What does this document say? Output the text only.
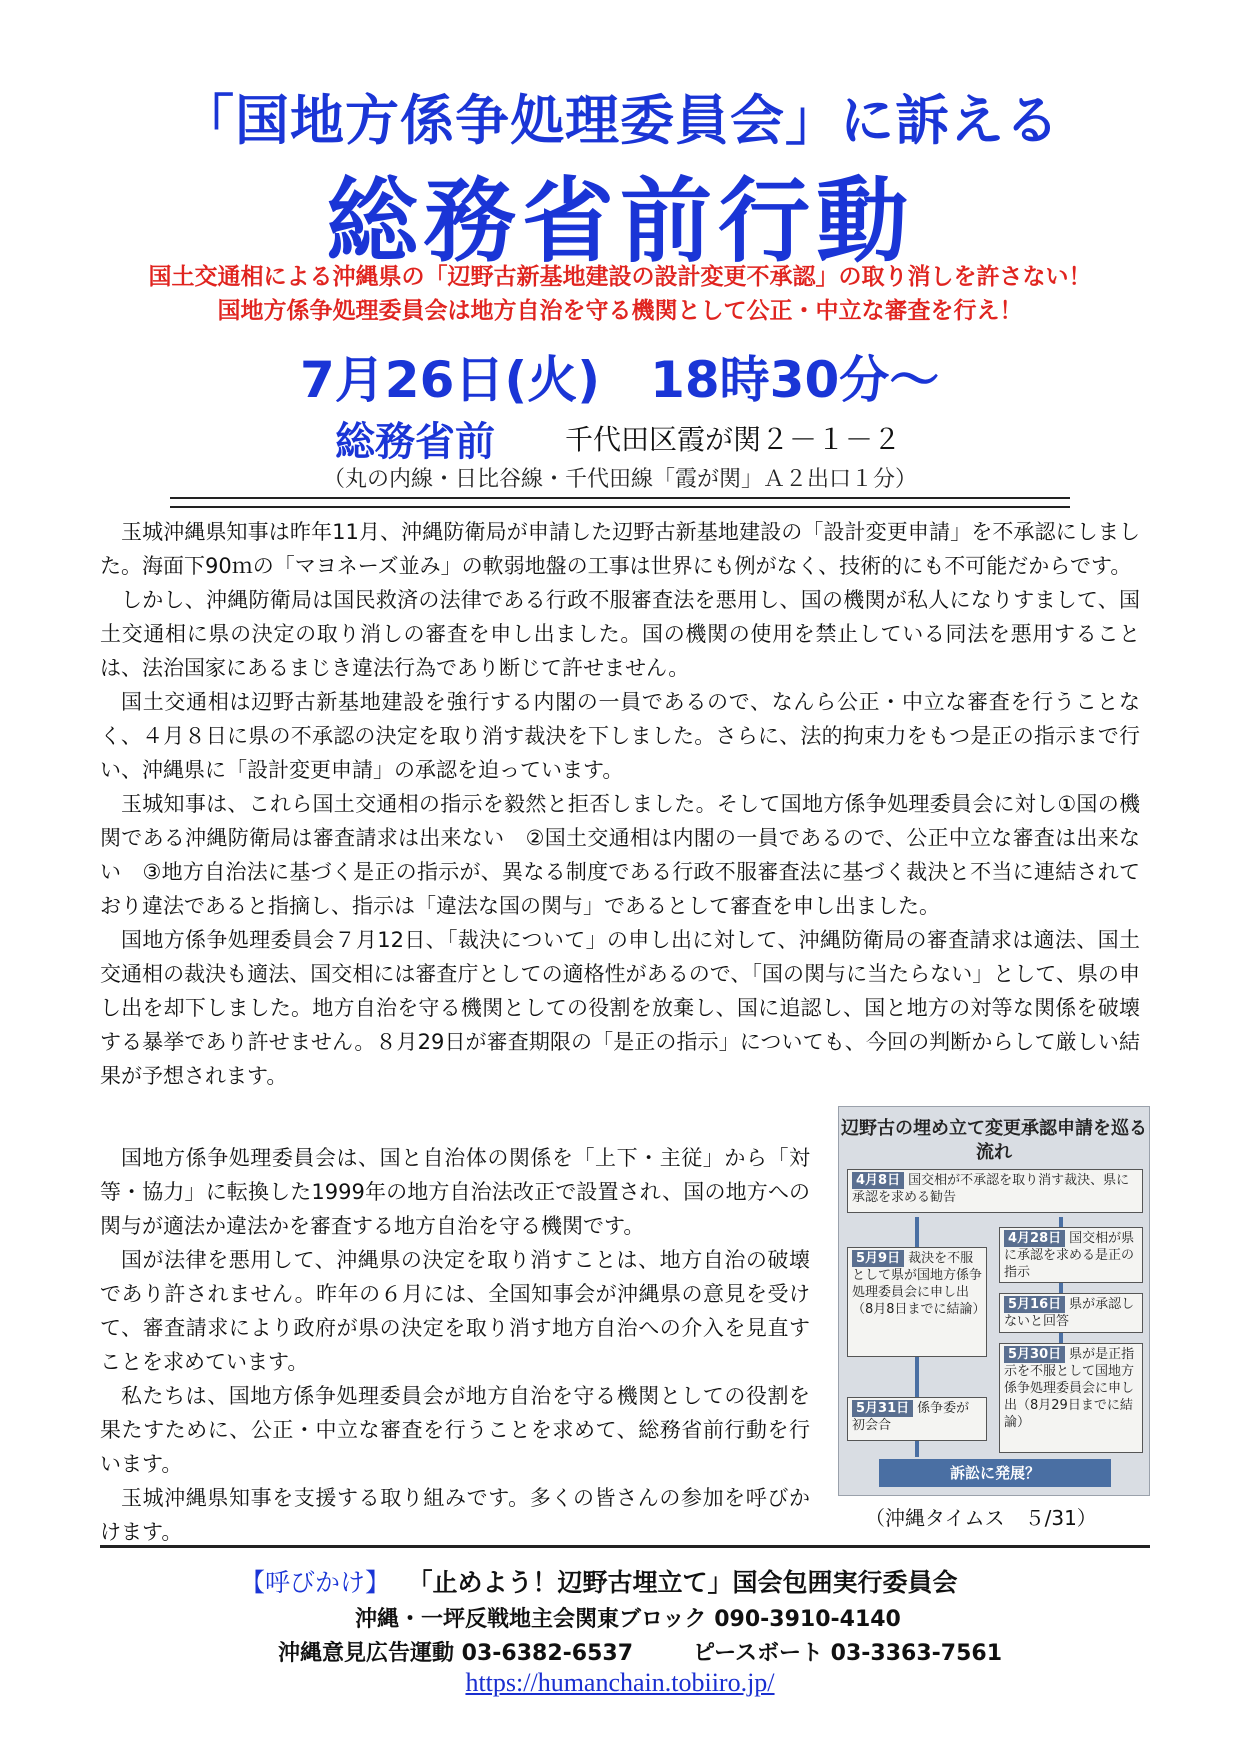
「国地方係争処理委員会」に訴える
総務省前行動
国土交通相による沖縄県の「辺野古新基地建設の設計変更不承認」の取り消しを許さない！
国地方係争処理委員会は地方自治を守る機関として公正・中立な審査を行え！
7月26日(火)　18時30分～
総務省前	千代田区霞が関２－１－２
（丸の内線・日比谷線・千代田線「霞が関」Ａ２出口１分）

玉城沖縄県知事は昨年11月、沖縄防衛局が申請した辺野古新基地建設の「設計変更申請」を不承認にしました。海面下90ｍの「マヨネーズ並み」の軟弱地盤の工事は世界にも例がなく、技術的にも不可能だからです。

しかし、沖縄防衛局は国民救済の法律である行政不服審査法を悪用し、国の機関が私人になりすまして、国土交通相に県の決定の取り消しの審査を申し出ました。国の機関の使用を禁止している同法を悪用することは、法治国家にあるまじき違法行為であり断じて許せません。

国土交通相は辺野古新基地建設を強行する内閣の一員であるので、なんら公正・中立な審査を行うことなく、４月８日に県の不承認の決定を取り消す裁決を下しました。さらに、法的拘束力をもつ是正の指示まで行い、沖縄県に「設計変更申請」の承認を迫っています。

玉城知事は、これら国土交通相の指示を毅然と拒否しました。そして国地方係争処理委員会に対し①国の機関である沖縄防衛局は審査請求は出来ない　②国土交通相は内閣の一員であるので、公正中立な審査は出来ない　③地方自治法に基づく是正の指示が、異なる制度である行政不服審査法に基づく裁決と不当に連結されており違法であると指摘し、指示は「違法な国の関与」であるとして審査を申し出ました。

国地方係争処理委員会７月12日、「裁決について」の申し出に対して、沖縄防衛局の審査請求は適法、国土交通相の裁決も適法、国交相には審査庁としての適格性があるので、「国の関与に当たらない」として、県の申し出を却下しました。地方自治を守る機関としての役割を放棄し、国に追認し、国と地方の対等な関係を破壊する暴挙であり許せません。８月29日が審査期限の「是正の指示」についても、今回の判断からして厳しい結果が予想されます。

国地方係争処理委員会は、国と自治体の関係を「上下・主従」から「対等・協力」に転換した1999年の地方自治法改正で設置され、国の地方への関与が適法か違法かを審査する地方自治を守る機関です。

国が法律を悪用して、沖縄県の決定を取り消すことは、地方自治の破壊であり許されません。昨年の６月には、全国知事会が沖縄県の意見を受けて、審査請求により政府が県の決定を取り消す地方自治への介入を見直すことを求めています。

私たちは、国地方係争処理委員会が地方自治を守る機関としての役割を果たすために、公正・中立な審査を行うことを求めて、総務省前行動を行います。

玉城沖縄県知事を支援する取り組みです。多くの皆さんの参加を呼びかけます。

辺野古の埋め立て変更承認申請を巡る流れ
4月8日 国交相が不承認を取り消す裁決、県に承認を求める勧告
4月28日 国交相が県に承認を求める是正の指示
5月9日 裁決を不服として県が国地方係争処理委員会に申し出（8月8日までに結論）	5月16日 県が承認しないと回答
5月30日 県が是正指示を不服として国地方係争処理委員会に申し出（8月29日までに結論）
5月31日 係争委が初会合
訴訟に発展？
（沖縄タイムス　５/31）
【呼びかけ】 「止めよう！辺野古埋立て」国会包囲実行委員会
沖縄・一坪反戦地主会関東ブロック 090-3910-4140
沖縄意見広告運動 03-6382-6537	ピースボート 03-3363-7561
https://humanchain.tobiiro.jp/
